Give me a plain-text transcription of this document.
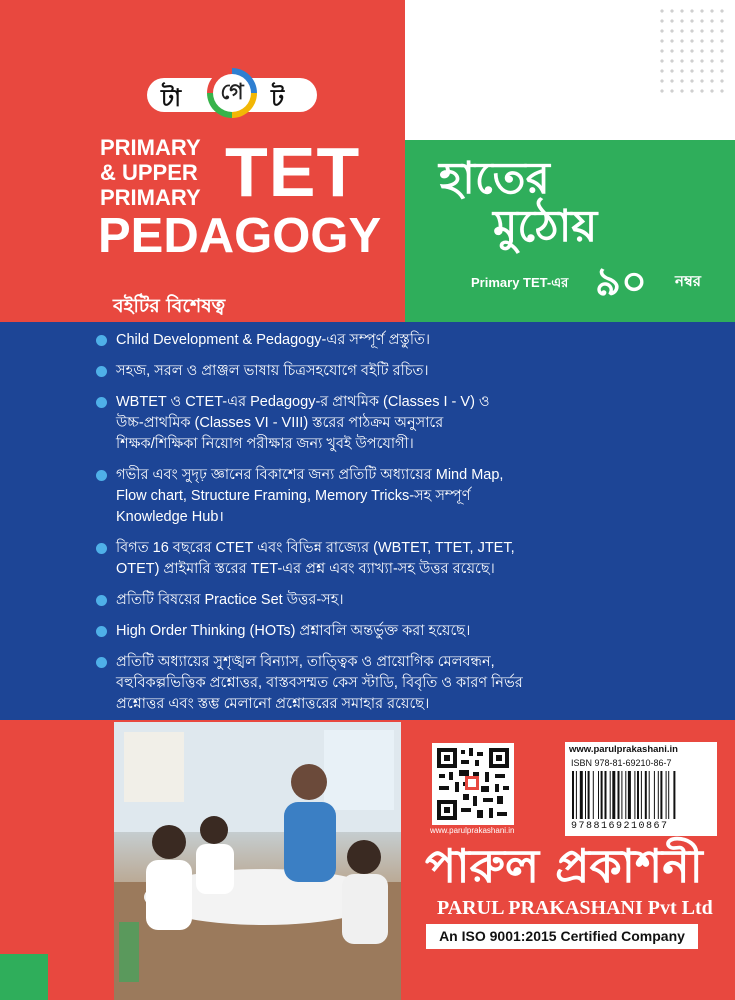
টা	গে	ট
PRIMARY
& UPPER
PRIMARY TET
PEDAGOGY
হাতের
মুঠোয়
Primary TET-এর ৯০ নম্বর
বইটির বিশেষত্ব
Child Development & Pedagogy-এর সম্পূর্ণ প্রস্তুতি।
সহজ, সরল ও প্রাঞ্জল ভাষায় চিত্রসহযোগে বইটি রচিত।
WBTET ও CTET-এর Pedagogy-র প্রাথমিক (Classes I - V) ও
উচ্চ-প্রাথমিক (Classes VI - VIII) স্তরের পাঠক্রম অনুসারে
শিক্ষক/শিক্ষিকা নিয়োগ পরীক্ষার জন্য খুবই উপযোগী।
গভীর এবং সুদৃঢ় জ্ঞানের বিকাশের জন্য প্রতিটি অধ্যায়ের Mind Map,
Flow chart, Structure Framing, Memory Tricks-সহ সম্পূর্ণ
Knowledge Hub।
বিগত 16 বছরের CTET এবং বিভিন্ন রাজ্যের (WBTET, TTET, JTET,
OTET) প্রাইমারি স্তরের TET-এর প্রশ্ন এবং ব্যাখ্যা-সহ উত্তর রয়েছে।
প্রতিটি বিষয়ের Practice Set উত্তর-সহ।
High Order Thinking (HOTs) প্রশ্নাবলি অন্তর্ভুক্ত করা হয়েছে।
প্রতিটি অধ্যায়ের সুশৃঙ্খল বিন্যাস, তাত্ত্বিক ও প্রায়োগিক মেলবন্ধন,
বহুবিকল্পভিত্তিক প্রশ্নোত্তর, বাস্তবসম্মত কেস স্টাডি, বিবৃতি ও কারণ নির্ভর
প্রশ্নোত্তর এবং স্তম্ভ মেলানো প্রশ্নোত্তরের সমাহার রয়েছে।
www.parulprakashani.in
www.parulprakashani.in
ISBN 978-81-69210-86-7
9788169210867
পারুল প্রকাশনী
PARUL PRAKASHANI Pvt Ltd
An ISO 9001:2015 Certified Company
